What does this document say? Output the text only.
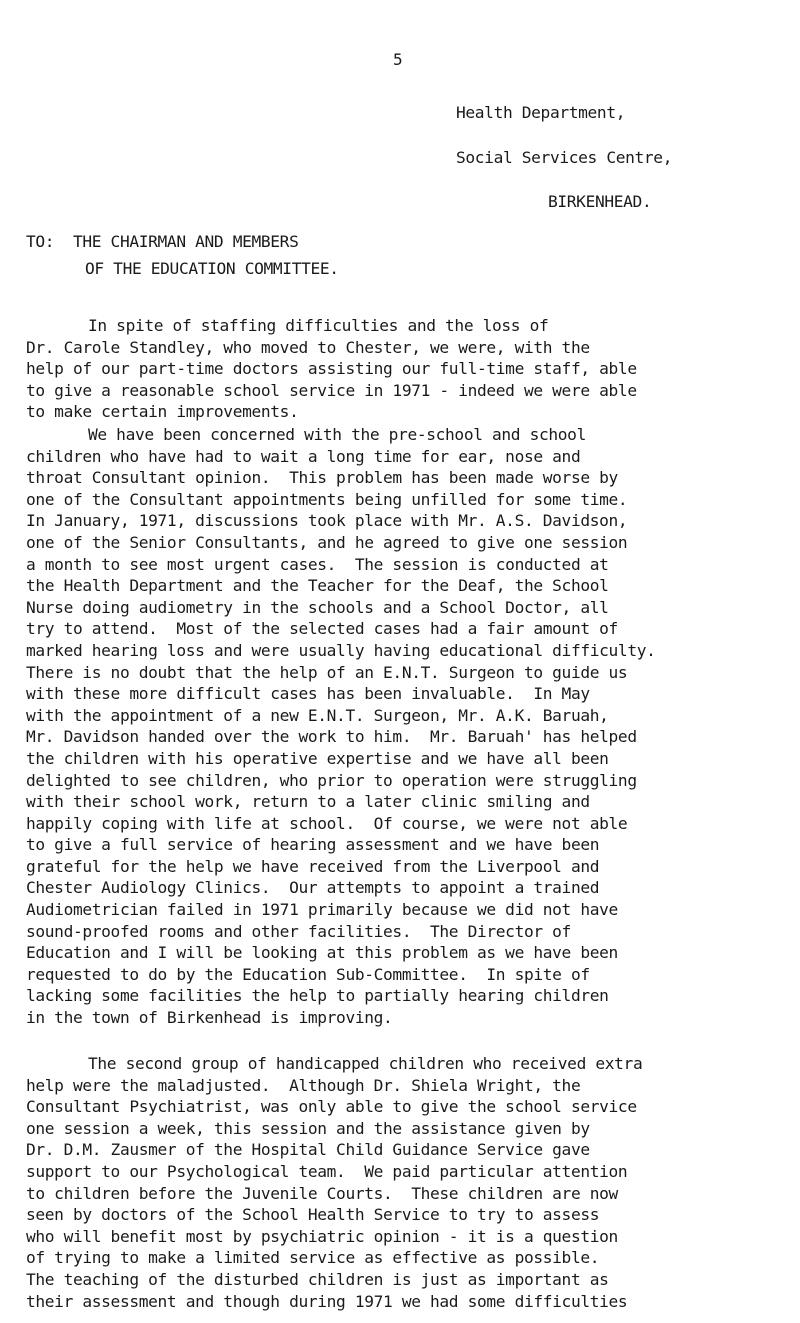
5
Health Department,
Social Services Centre,
BIRKENHEAD.
TO:  THE CHAIRMAN AND MEMBERS
OF THE EDUCATION COMMITTEE.
In spite of staffing difficulties and the loss of
Dr. Carole Standley, who moved to Chester, we were, with the
help of our part-time doctors assisting our full-time staff, able
to give a reasonable school service in 1971 - indeed we were able
to make certain improvements.
We have been concerned with the pre-school and school
children who have had to wait a long time for ear, nose and
throat Consultant opinion.  This problem has been made worse by
one of the Consultant appointments being unfilled for some time.
In January, 1971, discussions took place with Mr. A.S. Davidson,
one of the Senior Consultants, and he agreed to give one session
a month to see most urgent cases.  The session is conducted at
the Health Department and the Teacher for the Deaf, the School
Nurse doing audiometry in the schools and a School Doctor, all
try to attend.  Most of the selected cases had a fair amount of
marked hearing loss and were usually having educational difficulty.
There is no doubt that the help of an E.N.T. Surgeon to guide us
with these more difficult cases has been invaluable.  In May
with the appointment of a new E.N.T. Surgeon, Mr. A.K. Baruah,
Mr. Davidson handed over the work to him.  Mr. Baruah' has helped
the children with his operative expertise and we have all been
delighted to see children, who prior to operation were struggling
with their school work, return to a later clinic smiling and
happily coping with life at school.  Of course, we were not able
to give a full service of hearing assessment and we have been
grateful for the help we have received from the Liverpool and
Chester Audiology Clinics.  Our attempts to appoint a trained
Audiometrician failed in 1971 primarily because we did not have
sound-proofed rooms and other facilities.  The Director of
Education and I will be looking at this problem as we have been
requested to do by the Education Sub-Committee.  In spite of
lacking some facilities the help to partially hearing children
in the town of Birkenhead is improving.
The second group of handicapped children who received extra
help were the maladjusted.  Although Dr. Shiela Wright, the
Consultant Psychiatrist, was only able to give the school service
one session a week, this session and the assistance given by
Dr. D.M. Zausmer of the Hospital Child Guidance Service gave
support to our Psychological team.  We paid particular attention
to children before the Juvenile Courts.  These children are now
seen by doctors of the School Health Service to try to assess
who will benefit most by psychiatric opinion - it is a question
of trying to make a limited service as effective as possible.
The teaching of the disturbed children is just as important as
their assessment and though during 1971 we had some difficulties
